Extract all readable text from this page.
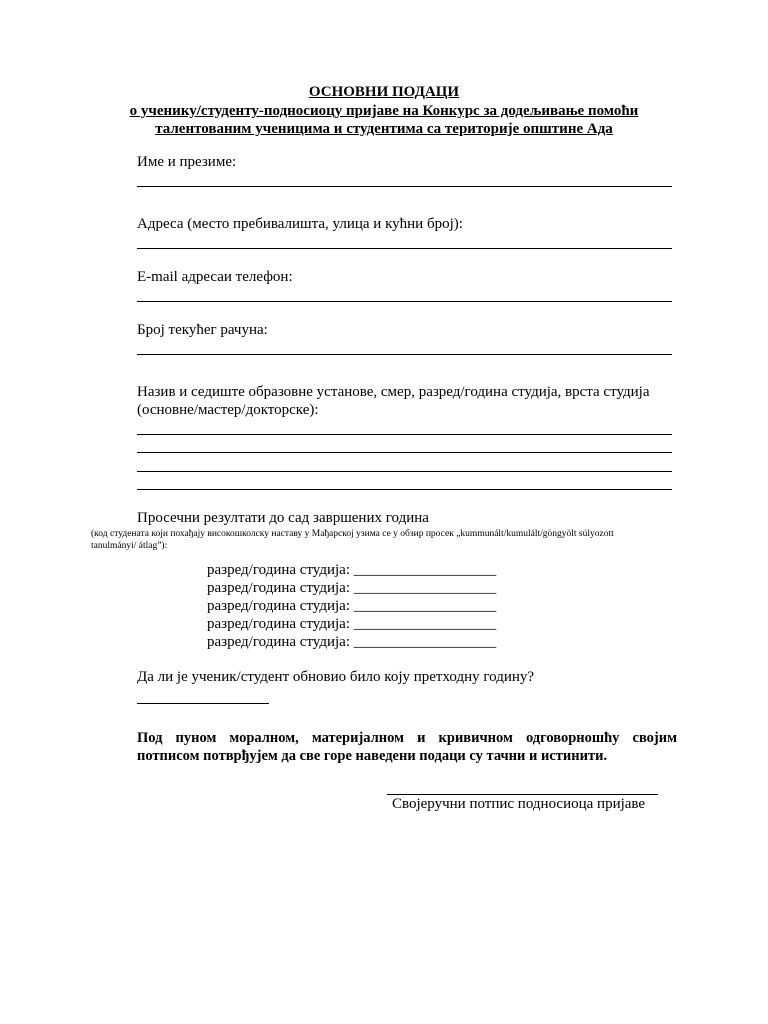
ОСНОВНИ ПОДАЦИ
о ученику/студенту-подносиоцу пријаве на Конкурс за додељивање помоћи
талентованим ученицима и студентима са територије општине Ада
Име и презиме:
Адреса (место пребивалишта, улица и кућни број):
E-mail адресаи телефон:
Број текућег рачуна:
Назив и седиште образовне установе, смер, разред/година студија, врста студија
(основне/мастер/докторске):
Просечни резултати до сад завршених година
(код студената који похађају високошколску наставу у Мађарској узима се у обзир просек „kummunált/kumulált/göngyölt súlyozott
tanulmányi/ átlag”):
разред/година студија: ___________________
разред/година студија: ___________________
разред/година студија: ___________________
разред/година студија: ___________________
разред/година студија: ___________________
Да ли је ученик/студент обновио било коју претходну годину?
Под пуном моралном, материјалном и кривичном одговорношћу својим
потписом потврђујем да све горе наведени подаци су тачни и истинити.
Својеручни потпис подносиоца пријаве
